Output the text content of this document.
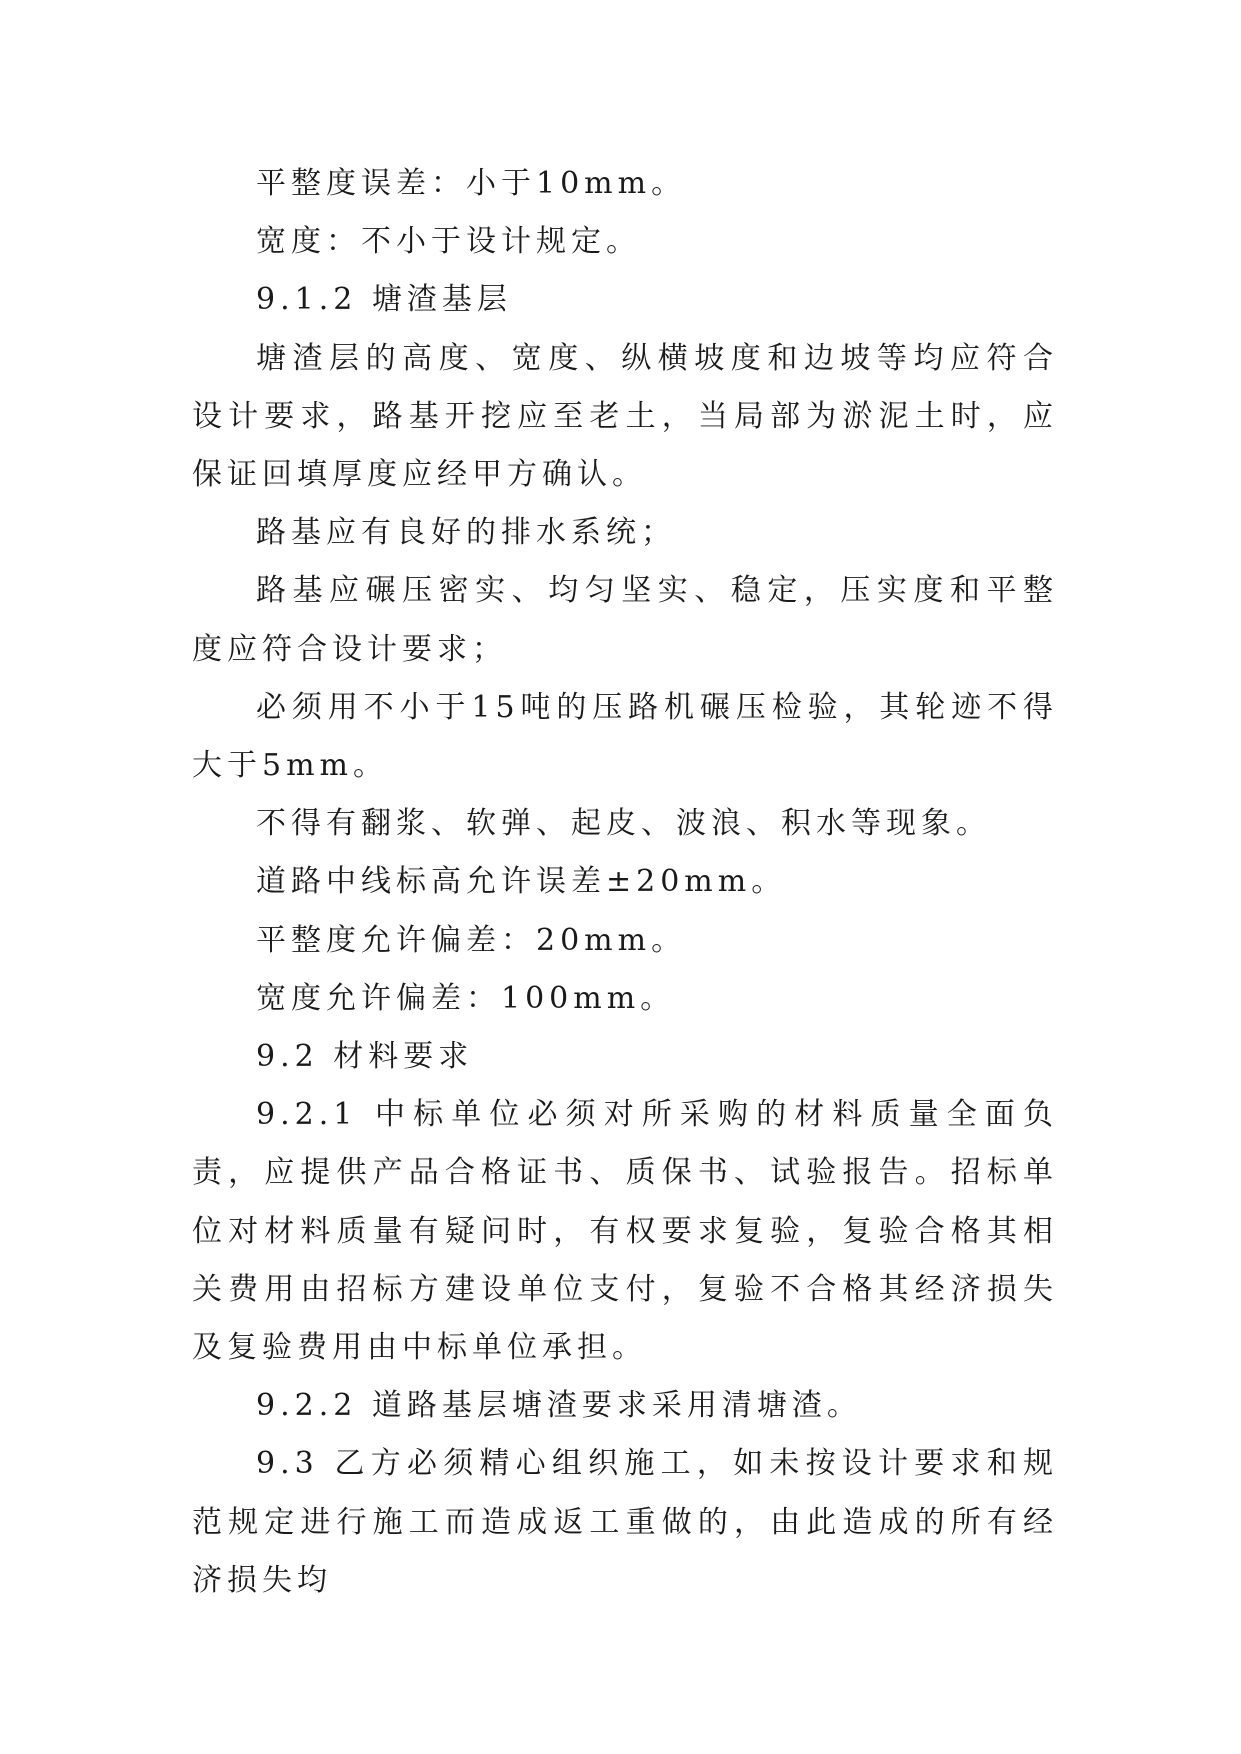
平整度误差：小于10mm。

宽度：不小于设计规定。

9.1.2 塘渣基层

塘渣层的高度、宽度、纵横坡度和边坡等均应符合设计要求，路基开挖应至老土，当局部为淤泥土时，应保证回填厚度应经甲方确认。

路基应有良好的排水系统；

路基应碾压密实、均匀坚实、稳定，压实度和平整度应符合设计要求；

必须用不小于15吨的压路机碾压检验，其轮迹不得大于5mm。

不得有翻浆、软弹、起皮、波浪、积水等现象。

道路中线标高允许误差±20mm。

平整度允许偏差：20mm。

宽度允许偏差：100mm。

9.2 材料要求

9.2.1 中标单位必须对所采购的材料质量全面负责，应提供产品合格证书、质保书、试验报告。招标单位对材料质量有疑问时，有权要求复验，复验合格其相关费用由招标方建设单位支付，复验不合格其经济损失及复验费用由中标单位承担。

9.2.2 道路基层塘渣要求采用清塘渣。

9.3 乙方必须精心组织施工，如未按设计要求和规范规定进行施工而造成返工重做的，由此造成的所有经济损失均
